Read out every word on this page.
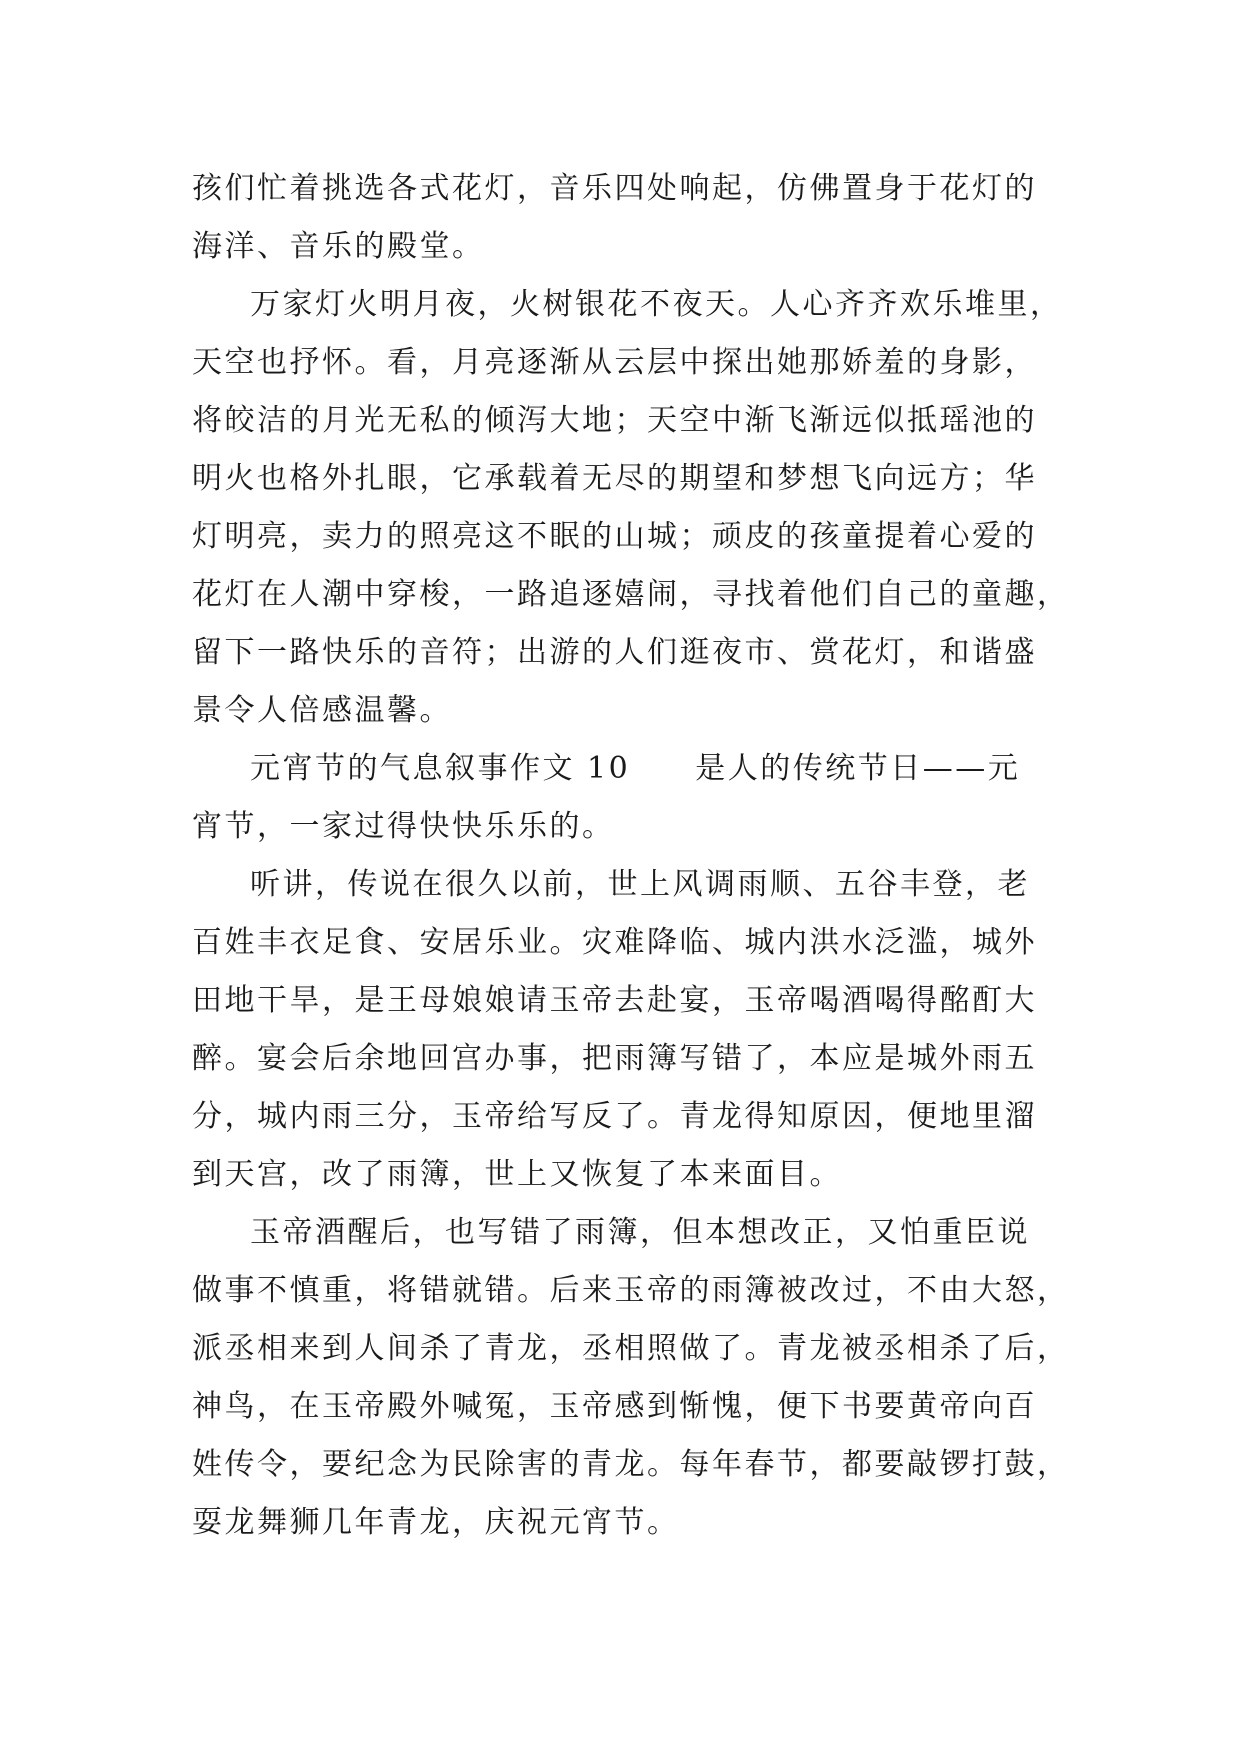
孩们忙着挑选各式花灯，音乐四处响起，仿佛置身于花灯的
海洋、音乐的殿堂。

万家灯火明月夜，火树银花不夜天。人心齐齐欢乐堆里，
天空也抒怀。看，月亮逐渐从云层中探出她那娇羞的身影，
将皎洁的月光无私的倾泻大地；天空中渐飞渐远似抵瑶池的
明火也格外扎眼，它承载着无尽的期望和梦想飞向远方；华
灯明亮，卖力的照亮这不眠的山城；顽皮的孩童提着心爱的
花灯在人潮中穿梭，一路追逐嬉闹，寻找着他们自己的童趣，
留下一路快乐的音符；出游的人们逛夜市、赏花灯，和谐盛
景令人倍感温馨。

元宵节的气息叙事作文 10　　是人的传统节日——元
宵节，一家过得快快乐乐的。

听讲，传说在很久以前，世上风调雨顺、五谷丰登，老
百姓丰衣足食、安居乐业。灾难降临、城内洪水泛滥，城外
田地干旱，是王母娘娘请玉帝去赴宴，玉帝喝酒喝得酩酊大
醉。宴会后余地回宫办事，把雨簿写错了，本应是城外雨五
分，城内雨三分，玉帝给写反了。青龙得知原因，便地里溜
到天宫，改了雨簿，世上又恢复了本来面目。

玉帝酒醒后，也写错了雨簿，但本想改正，又怕重臣说
做事不慎重，将错就错。后来玉帝的雨簿被改过，不由大怒，
派丞相来到人间杀了青龙，丞相照做了。青龙被丞相杀了后，
神鸟，在玉帝殿外喊冤，玉帝感到惭愧，便下书要黄帝向百
姓传令，要纪念为民除害的青龙。每年春节，都要敲锣打鼓，
耍龙舞狮几年青龙，庆祝元宵节。
